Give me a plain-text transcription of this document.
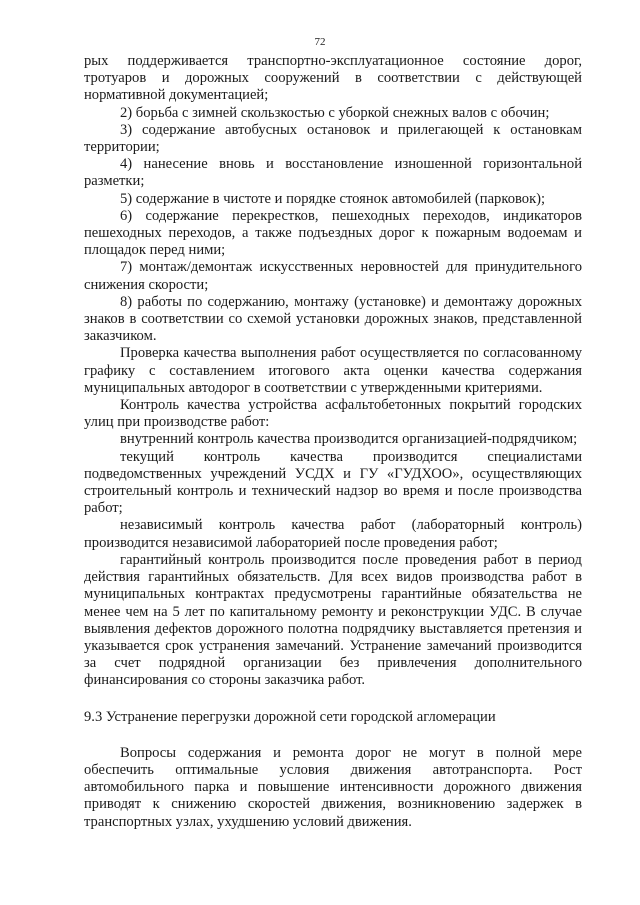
72

рых поддерживается транспортно-эксплуатационное состояние дорог, тротуаров и дорожных сооружений в соответствии с действующей нормативной документацией;

2) борьба с зимней скользкостью с уборкой снежных валов с обочин;

3) содержание автобусных остановок и прилегающей к остановкам территории;

4) нанесение вновь и восстановление изношенной горизонтальной разметки;

5) содержание в чистоте и порядке стоянок автомобилей (парковок);

6) содержание перекрестков, пешеходных переходов, индикаторов пешеходных переходов, а также подъездных дорог к пожарным водоемам и площадок перед ними;

7) монтаж/демонтаж искусственных неровностей для принудительного снижения скорости;

8) работы по содержанию, монтажу (установке) и демонтажу дорожных знаков в соответствии со схемой установки дорожных знаков, представленной заказчиком.

Проверка качества выполнения работ осуществляется по согласованному графику с составлением итогового акта оценки качества содержания муниципальных автодорог в соответствии с утвержденными критериями.

Контроль качества устройства асфальтобетонных покрытий городских улиц при производстве работ:

внутренний контроль качества производится организацией-подрядчиком;

текущий контроль качества производится специалистами подведомственных учреждений УСДХ и ГУ «ГУДХОО», осуществляющих строительный контроль и технический надзор во время и после производства работ;

независимый контроль качества работ (лабораторный контроль) производится независимой лабораторией после проведения работ;

гарантийный контроль производится после проведения работ в период действия гарантийных обязательств. Для всех видов производства работ в муниципальных контрактах предусмотрены гарантийные обязательства не менее чем на 5 лет по капитальному ремонту и реконструкции УДС. В случае выявления дефектов дорожного полотна подрядчику выставляется претензия и указывается срок устранения замечаний. Устранение замечаний производится за счет подрядной организации без привлечения дополнительного финансирования со стороны заказчика работ.

9.3 Устранение перегрузки дорожной сети городской агломерации

Вопросы содержания и ремонта дорог не могут в полной мере обеспечить оптимальные условия движения автотранспорта. Рост автомобильного парка и повышение интенсивности дорожного движения приводят к снижению скоростей движения, возникновению задержек в транспортных узлах, ухудшению условий движения.
